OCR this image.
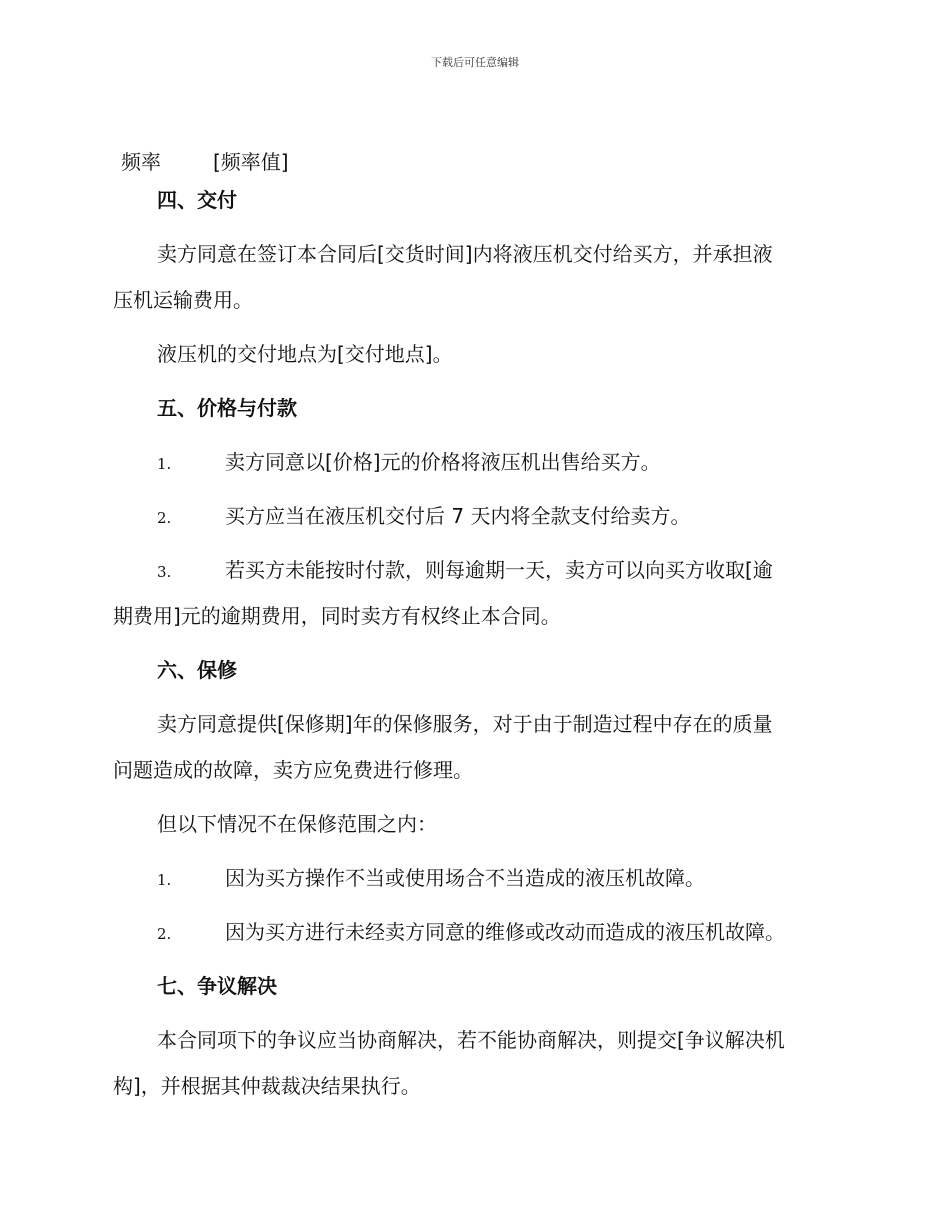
下载后可任意编辑
频率	[频率值]
四、交付
卖方同意在签订本合同后[交货时间]内将液压机交付给买方，并承担液
压机运输费用。
液压机的交付地点为[交付地点]。
五、价格与付款
1.	卖方同意以[价格]元的价格将液压机出售给买方。
2.	买方应当在液压机交付后 7 天内将全款支付给卖方。
3.	若买方未能按时付款，则每逾期一天，卖方可以向买方收取[逾
期费用]元的逾期费用，同时卖方有权终止本合同。
六、保修
卖方同意提供[保修期]年的保修服务，对于由于制造过程中存在的质量
问题造成的故障，卖方应免费进行修理。
但以下情况不在保修范围之内：
1.	因为买方操作不当或使用场合不当造成的液压机故障。
2.	因为买方进行未经卖方同意的维修或改动而造成的液压机故障。
七、争议解决
本合同项下的争议应当协商解决，若不能协商解决，则提交[争议解决机
构]，并根据其仲裁裁决结果执行。
